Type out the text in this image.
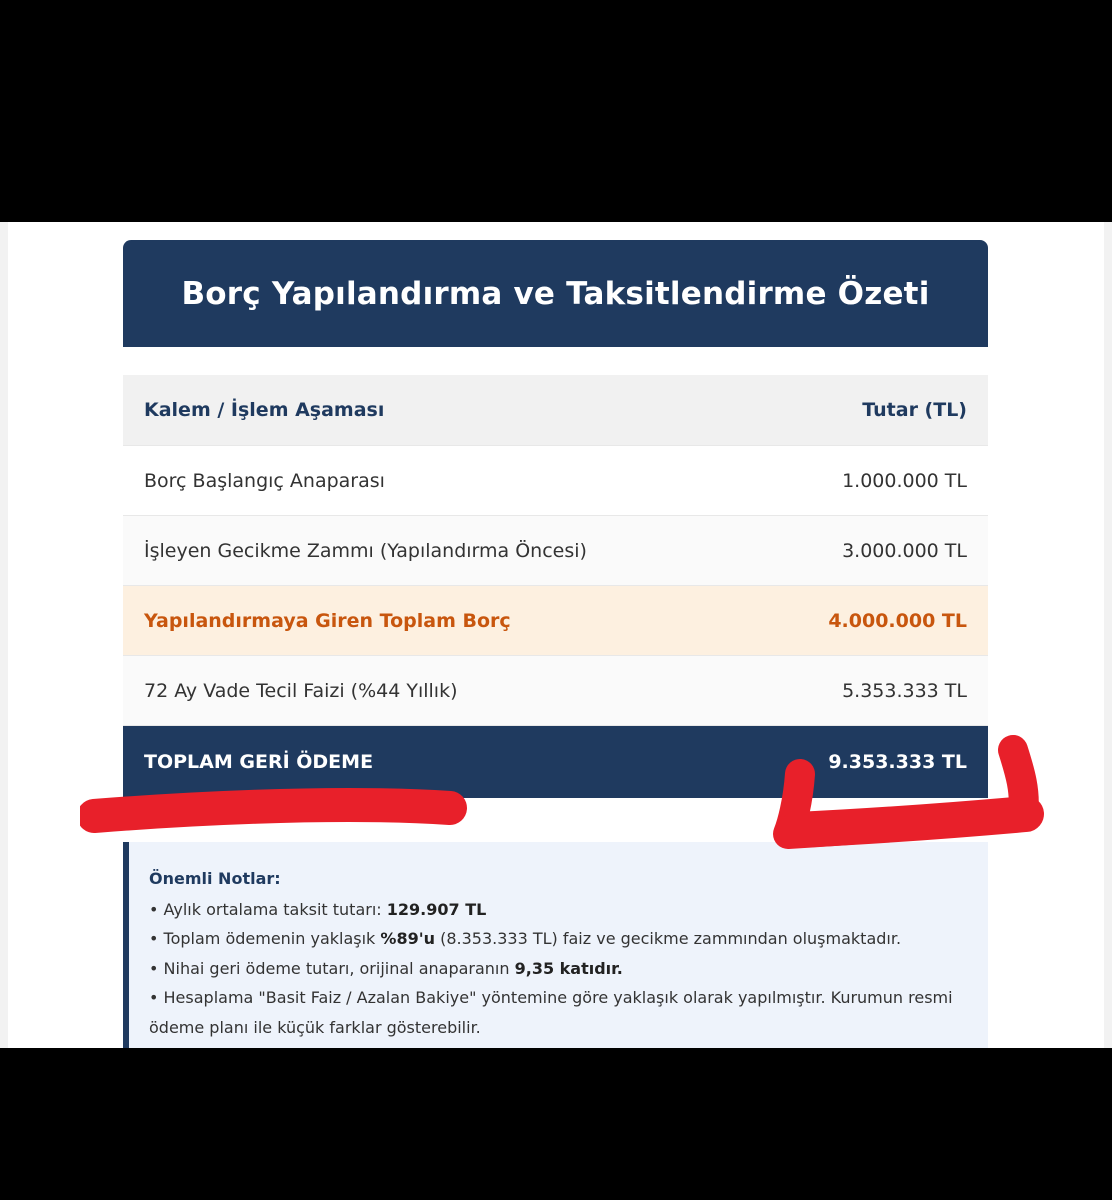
Borç Yapılandırma ve Taksitlendirme Özeti
Kalem / İşlem Aşaması	Tutar (TL)
Borç Başlangıç Anaparası	1.000.000 TL
İşleyen Gecikme Zammı (Yapılandırma Öncesi)	3.000.000 TL
Yapılandırmaya Giren Toplam Borç	4.000.000 TL
72 Ay Vade Tecil Faizi (%44 Yıllık)	5.353.333 TL
TOPLAM GERİ ÖDEME	9.353.333 TL
Önemli Notlar:
• Aylık ortalama taksit tutarı: 129.907 TL
• Toplam ödemenin yaklaşık %89'u (8.353.333 TL) faiz ve gecikme zammından oluşmaktadır.
• Nihai geri ödeme tutarı, orijinal anaparanın 9,35 katıdır.
• Hesaplama "Basit Faiz / Azalan Bakiye" yöntemine göre yaklaşık olarak yapılmıştır. Kurumun resmi ödeme planı ile küçük farklar gösterebilir.
